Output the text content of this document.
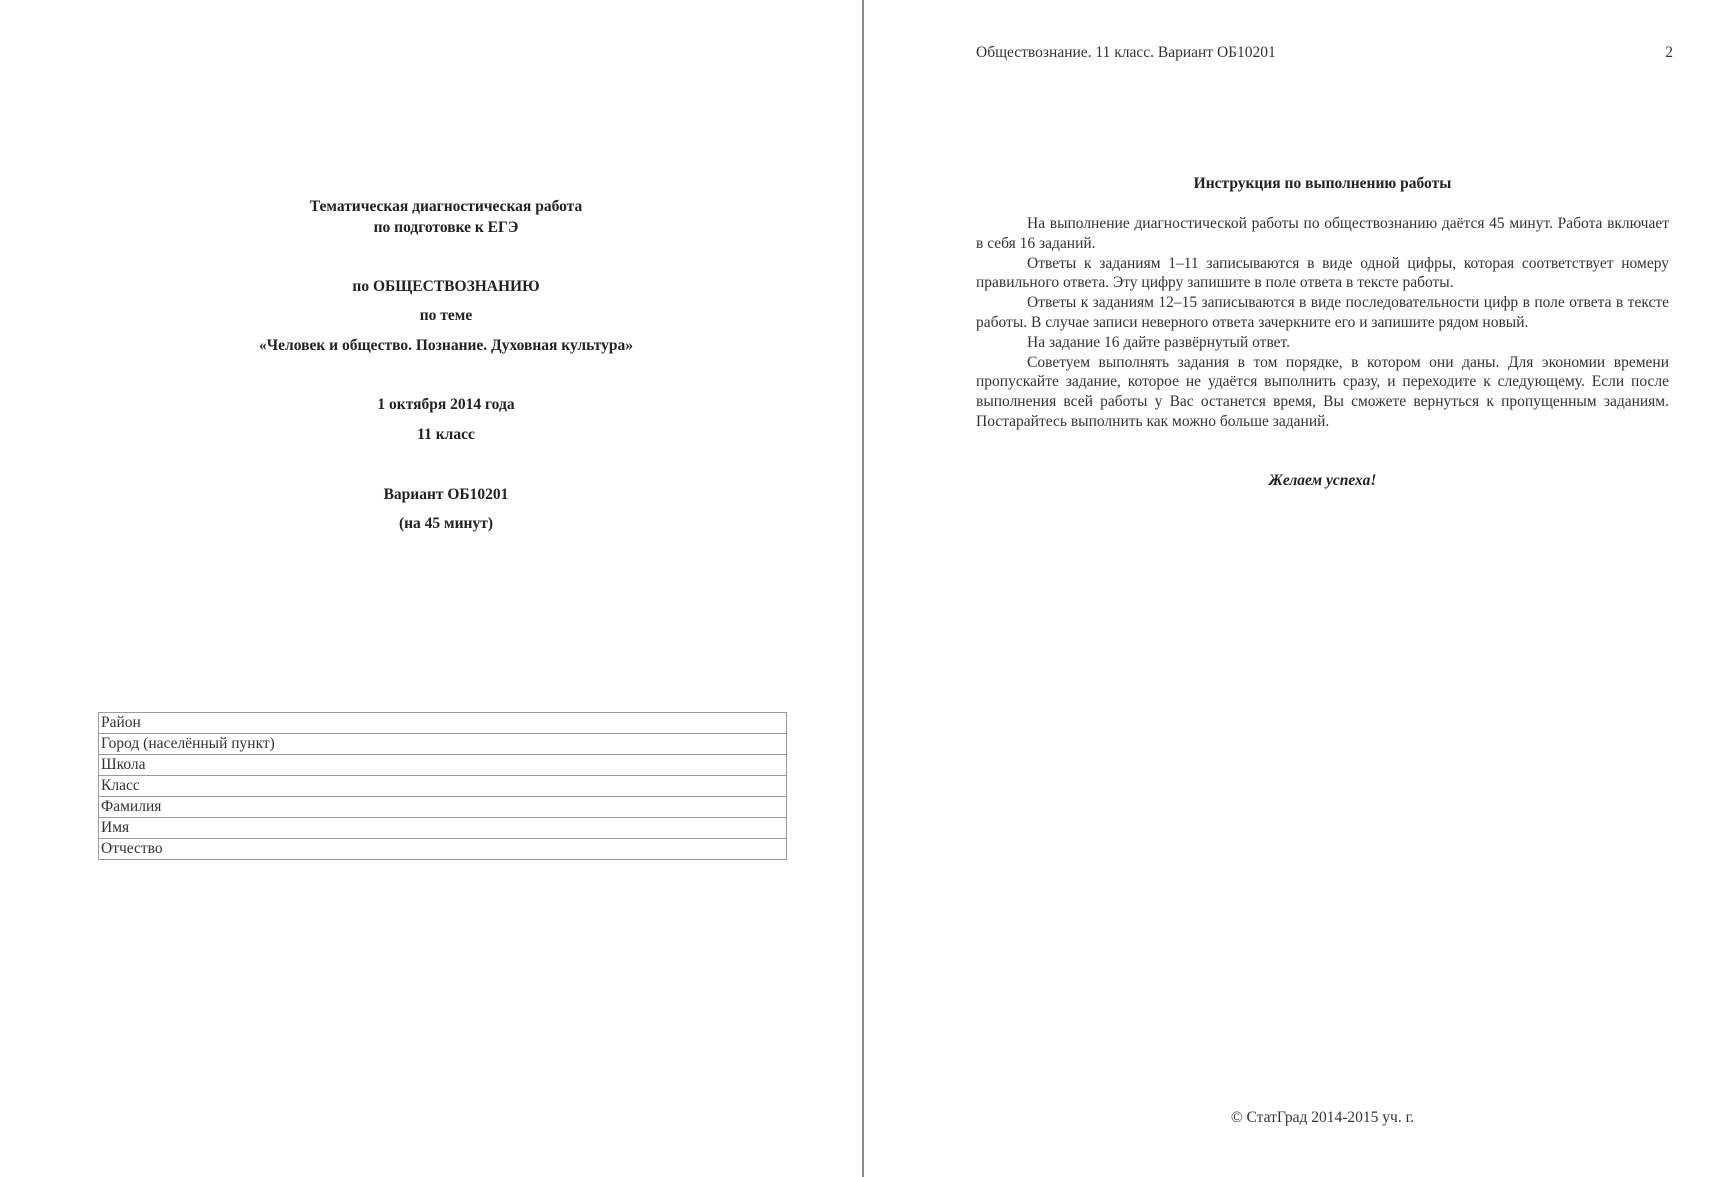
Тематическая диагностическая работа
по подготовке к ЕГЭ
по ОБЩЕСТВОЗНАНИЮ
по теме
«Человек и общество. Познание. Духовная культура»
1 октября 2014 года
11 класс
Вариант ОБ10201
(на 45 минут)
Район
Город (населённый пункт)
Школа
Класс
Фамилия
Имя
Отчество
Обществознание. 11 класс. Вариант ОБ10201	2
Инструкция по выполнению работы

На выполнение диагностической работы по обществознанию даётся 45 минут. Работа включает в себя 16 заданий.

Ответы к заданиям 1–11 записываются в виде одной цифры, которая соответствует номеру правильного ответа. Эту цифру запишите в поле ответа в тексте работы.

Ответы к заданиям 12–15 записываются в виде последовательности цифр в поле ответа в тексте работы. В случае записи неверного ответа зачеркните его и запишите рядом новый.

На задание 16 дайте развёрнутый ответ.

Советуем выполнять задания в том порядке, в котором они даны. Для экономии времени пропускайте задание, которое не удаётся выполнить сразу, и переходите к следующему. Если после выполнения всей работы у Вас останется время, Вы сможете вернуться к пропущенным заданиям. Постарайтесь выполнить как можно больше заданий.

Желаем успеха!
© СтатГрад 2014-2015 уч. г.
